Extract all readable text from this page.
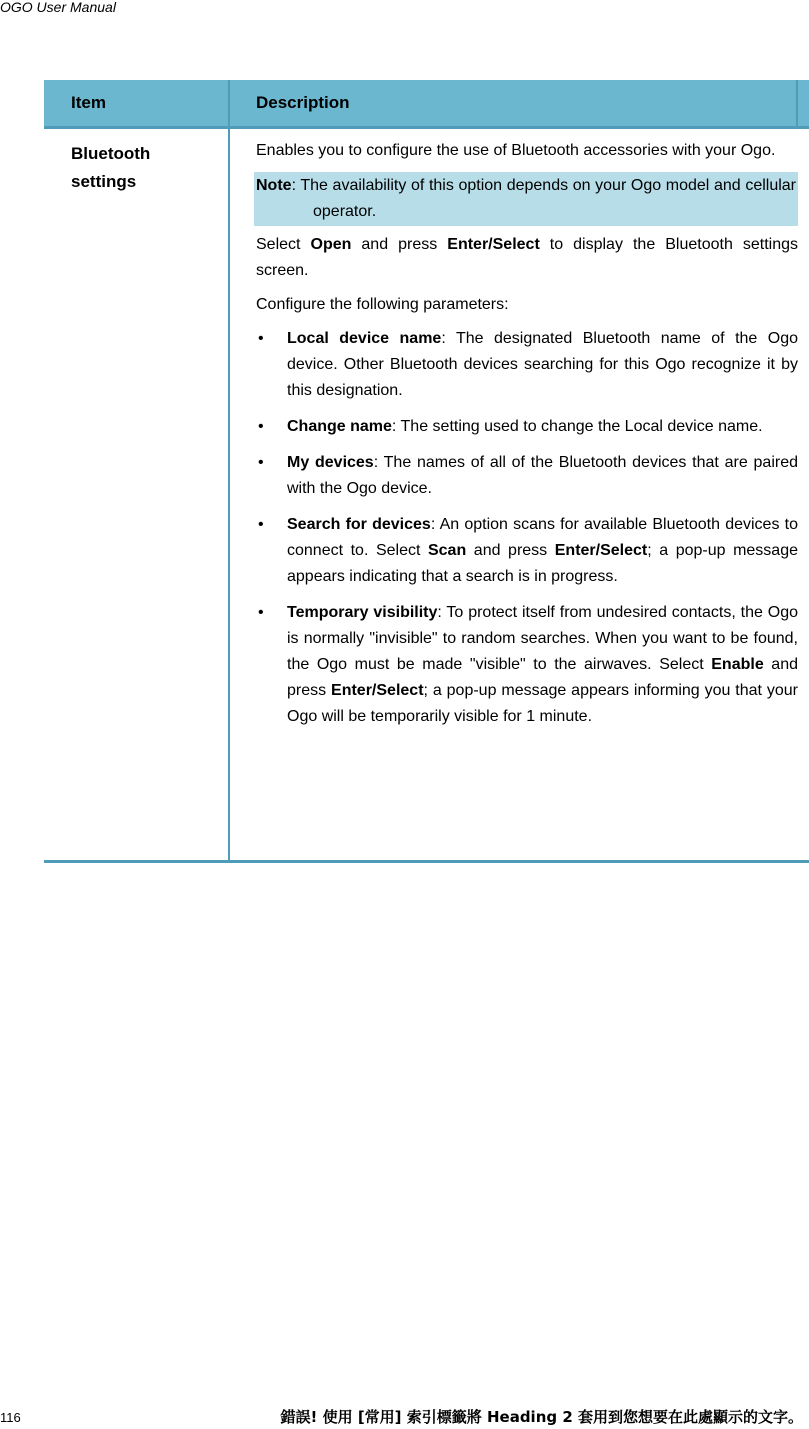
OGO User Manual
Item	Description
Bluetooth
settings

Enables you to configure the use of Bluetooth accessories with your Ogo.

Note: The availability of this option depends on your Ogo model and cellular operator.

Select Open and press Enter/Select to display the Bluetooth settings screen.

Configure the following parameters:

• Local device name: The designated Bluetooth name of the Ogo device. Other Bluetooth devices searching for this Ogo recognize it by this designation.
• Change name: The setting used to change the Local device name.
• My devices: The names of all of the Bluetooth devices that are paired with the Ogo device.
• Search for devices: An option scans for available Bluetooth devices to connect to. Select Scan and press Enter/Select; a pop-up message appears indicating that a search is in progress.
• Temporary visibility: To protect itself from undesired contacts, the Ogo is normally "invisible" to random searches. When you want to be found, the Ogo must be made "visible" to the airwaves. Select Enable and press Enter/Select; a pop-up message appears informing you that your Ogo will be temporarily visible for 1 minute.
116	錯誤! 使用 [常用] 索引標籤將 Heading 2 套用到您想要在此處顯示的文字。
